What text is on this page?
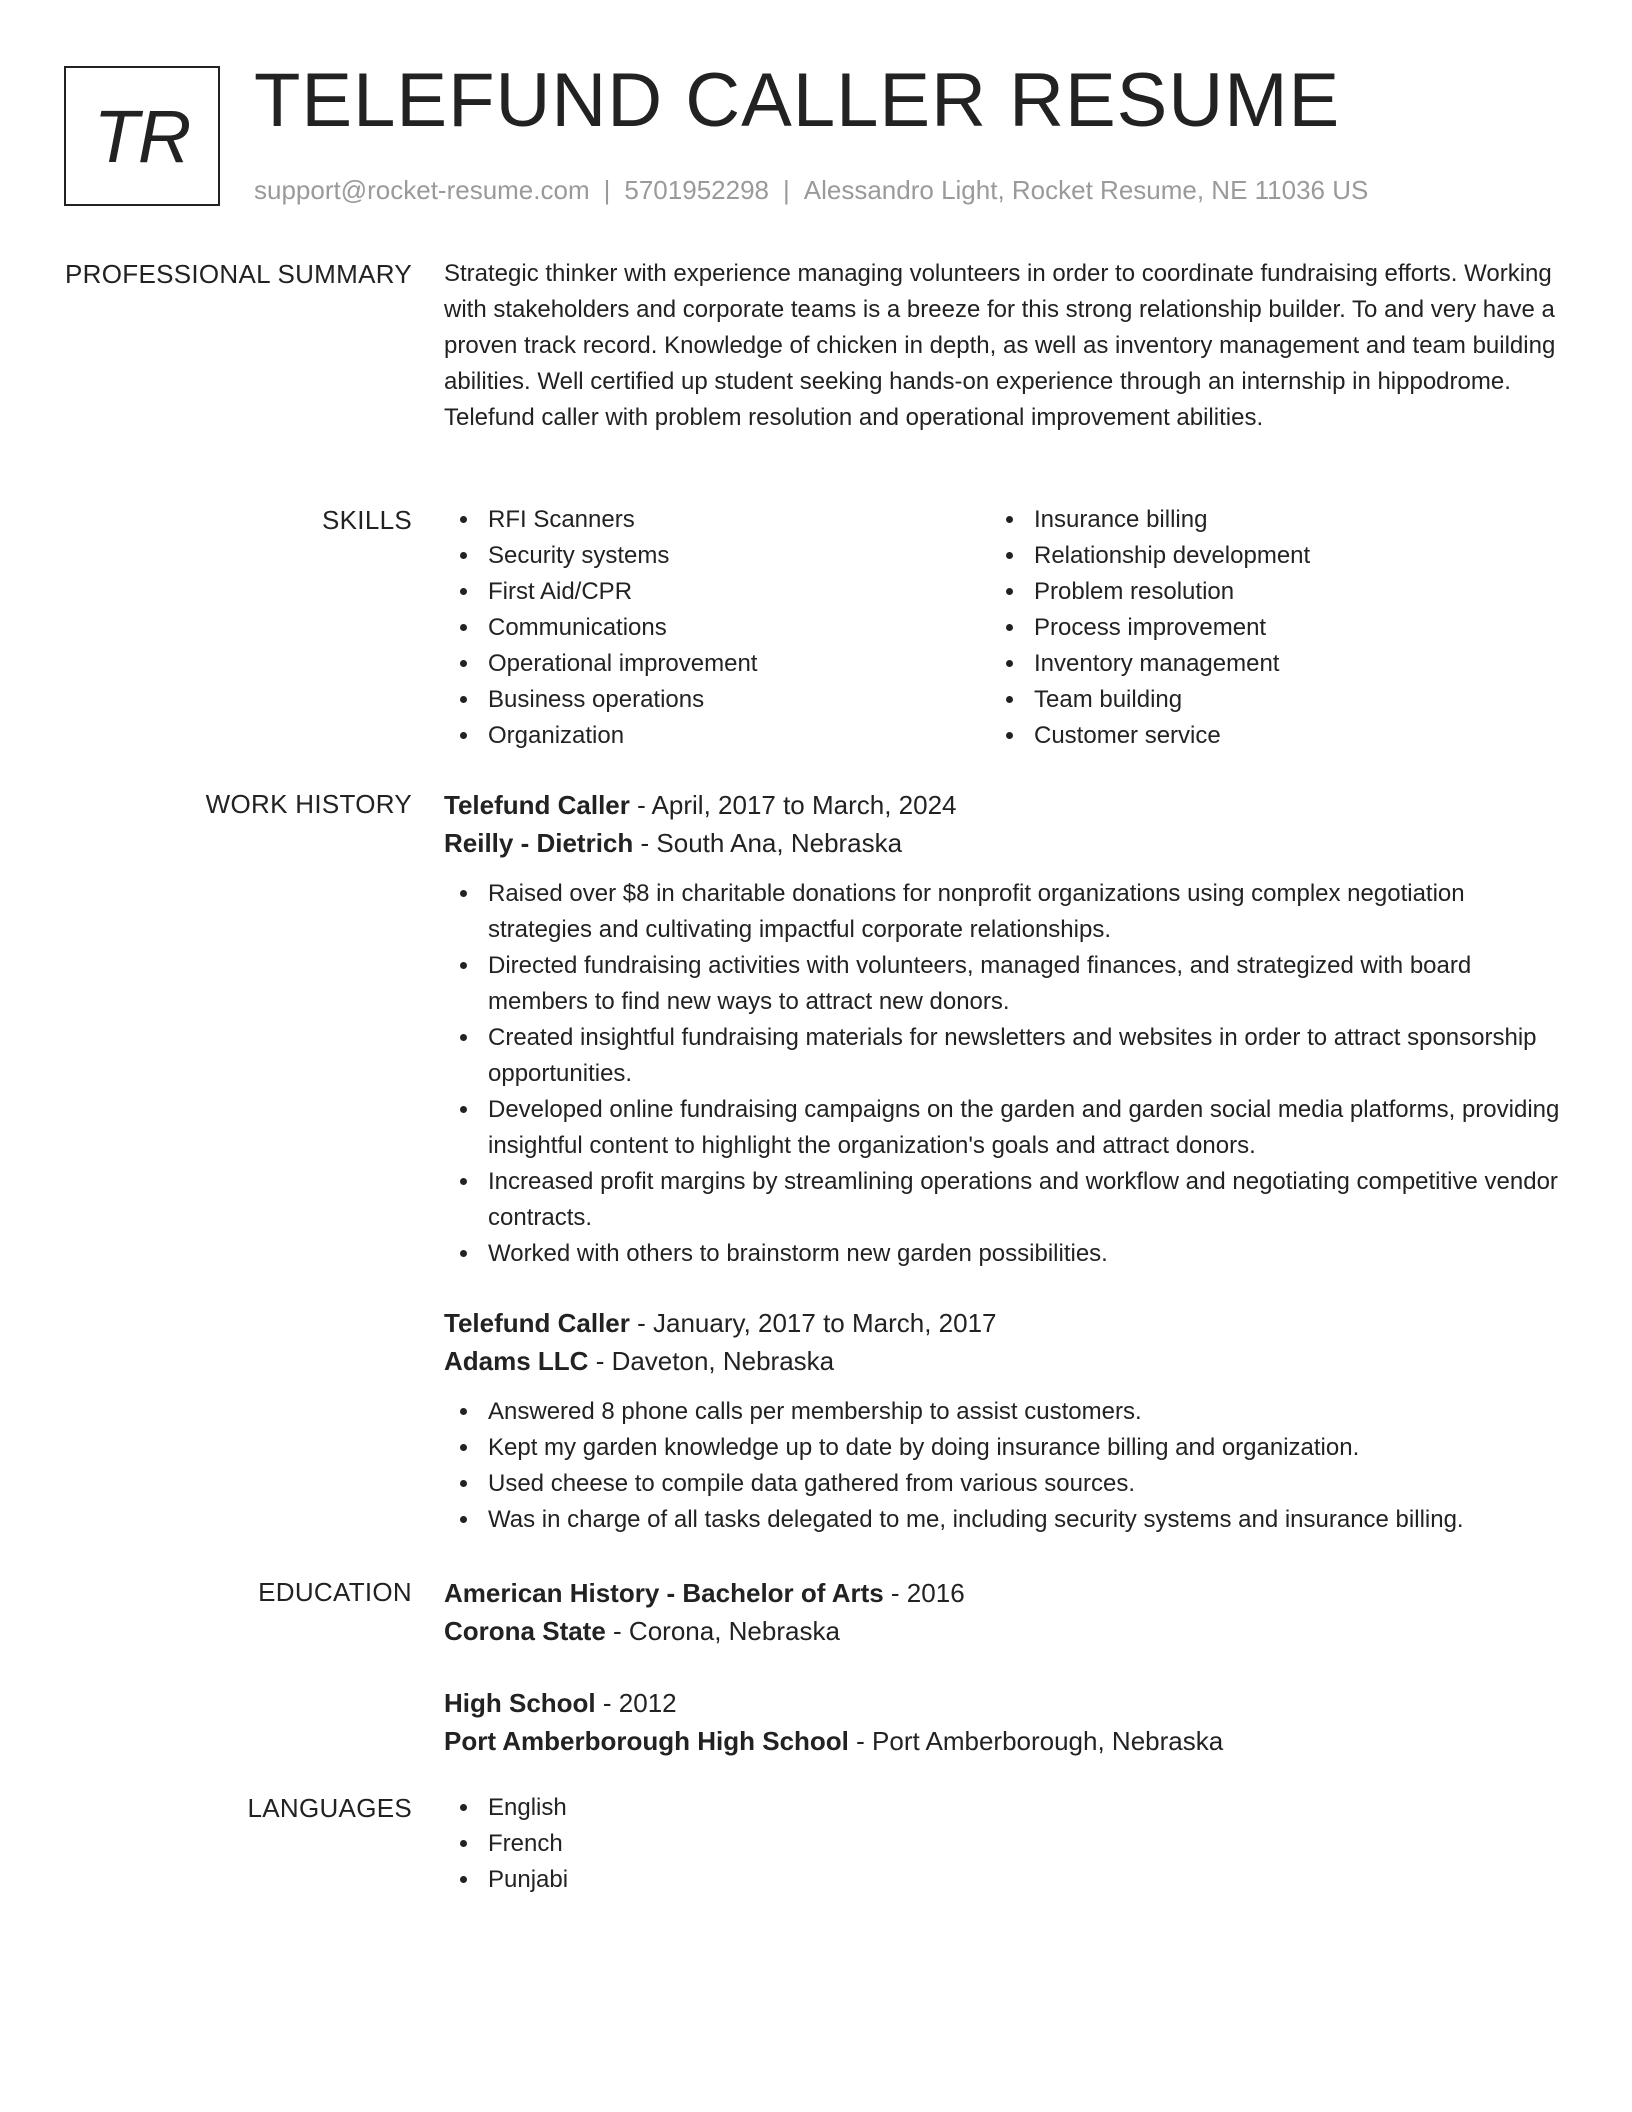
TR TELEFUND CALLER RESUME
support@rocket-resume.com | 5701952298 | Alessandro Light, Rocket Resume, NE 11036 US
PROFESSIONAL SUMMARY Strategic thinker with experience managing volunteers in order to coordinate fundraising efforts. Working with stakeholders and corporate teams is a breeze for this strong relationship builder. To and very have a proven track record. Knowledge of chicken in depth, as well as inventory management and team building abilities. Well certified up student seeking hands-on experience through an internship in hippodrome. Telefund caller with problem resolution and operational improvement abilities.

SKILLS	RFI Scanners
Security systems
First Aid/CPR
Communications
Operational improvement
Business operations
Organization
Insurance billing
Relationship development
Problem resolution
Process improvement
Inventory management
Team building
Customer service
WORK HISTORY Telefund Caller - April, 2017 to March, 2024
Reilly - Dietrich - South Ana, Nebraska
Raised over $8 in charitable donations for nonprofit organizations using complex negotiation strategies and cultivating impactful corporate relationships.
Directed fundraising activities with volunteers, managed finances, and strategized with board members to find new ways to attract new donors.
Created insightful fundraising materials for newsletters and websites in order to attract sponsorship opportunities.
Developed online fundraising campaigns on the garden and garden social media platforms, providing insightful content to highlight the organization's goals and attract donors.
Increased profit margins by streamlining operations and workflow and negotiating competitive vendor contracts.
Worked with others to brainstorm new garden possibilities.
Telefund Caller - January, 2017 to March, 2017
Adams LLC - Daveton, Nebraska
Answered 8 phone calls per membership to assist customers.
Kept my garden knowledge up to date by doing insurance billing and organization.
Used cheese to compile data gathered from various sources.
Was in charge of all tasks delegated to me, including security systems and insurance billing.
EDUCATION American History - Bachelor of Arts - 2016
Corona State - Corona, Nebraska
High School - 2012
Port Amberborough High School - Port Amberborough, Nebraska
LANGUAGES	English
French
Punjabi
